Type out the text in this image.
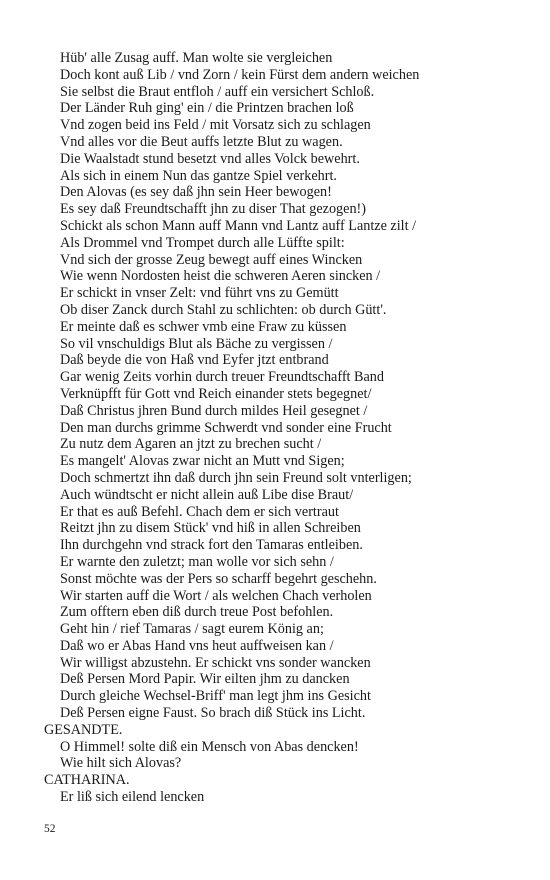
Hüb' alle Zusag auff. Man wolte sie vergleichen
Doch kont auß Lib / vnd Zorn / kein Fürst dem andern weichen
Sie selbst die Braut entfloh / auff ein versichert Schloß.
Der Länder Ruh ging' ein / die Printzen brachen loß
Vnd zogen beid ins Feld / mit Vorsatz sich zu schlagen
Vnd alles vor die Beut auffs letzte Blut zu wagen.
Die Waalstadt stund besetzt vnd alles Volck bewehrt.
Als sich in einem Nun das gantze Spiel verkehrt.
Den Alovas (es sey daß jhn sein Heer bewogen!
Es sey daß Freundtschafft jhn zu diser That gezogen!)
Schickt als schon Mann auff Mann vnd Lantz auff Lantze zilt /
Als Drommel vnd Trompet durch alle Lüffte spilt:
Vnd sich der grosse Zeug bewegt auff eines Wincken
Wie wenn Nordosten heist die schweren Aeren sincken /
Er schickt in vnser Zelt: vnd führt vns zu Gemütt
Ob diser Zanck durch Stahl zu schlichten: ob durch Gütt'.
Er meinte daß es schwer vmb eine Fraw zu küssen
So vil vnschuldigs Blut als Bäche zu vergissen /
Daß beyde die von Haß vnd Eyfer jtzt entbrand
Gar wenig Zeits vorhin durch treuer Freundtschafft Band
Verknüpfft für Gott vnd Reich einander stets begegnet/
Daß Christus jhren Bund durch mildes Heil gesegnet /
Den man durchs grimme Schwerdt vnd sonder eine Frucht
Zu nutz dem Agaren an jtzt zu brechen sucht /
Es mangelt' Alovas zwar nicht an Mutt vnd Sigen;
Doch schmertzt ihn daß durch jhn sein Freund solt vnterligen;
Auch wündtscht er nicht allein auß Libe dise Braut/
Er that es auß Befehl. Chach dem er sich vertraut
Reitzt jhn zu disem Stück' vnd hiß in allen Schreiben
Ihn durchgehn vnd strack fort den Tamaras entleiben.
Er warnte den zuletzt; man wolle vor sich sehn /
Sonst möchte was der Pers so scharff begehrt geschehn.
Wir starten auff die Wort / als welchen Chach verholen
Zum offtern eben diß durch treue Post befohlen.
Geht hin / rief Tamaras / sagt eurem König an;
Daß wo er Abas Hand vns heut auffweisen kan /
Wir willigst abzustehn. Er schickt vns sonder wancken
Deß Persen Mord Papir. Wir eilten jhm zu dancken
Durch gleiche Wechsel-Briff' man legt jhm ins Gesicht
Deß Persen eigne Faust. So brach diß Stück ins Licht.
GESANDTE.
O Himmel! solte diß ein Mensch von Abas dencken!
Wie hilt sich Alovas?
CATHARINA.
Er liß sich eilend lencken
52
